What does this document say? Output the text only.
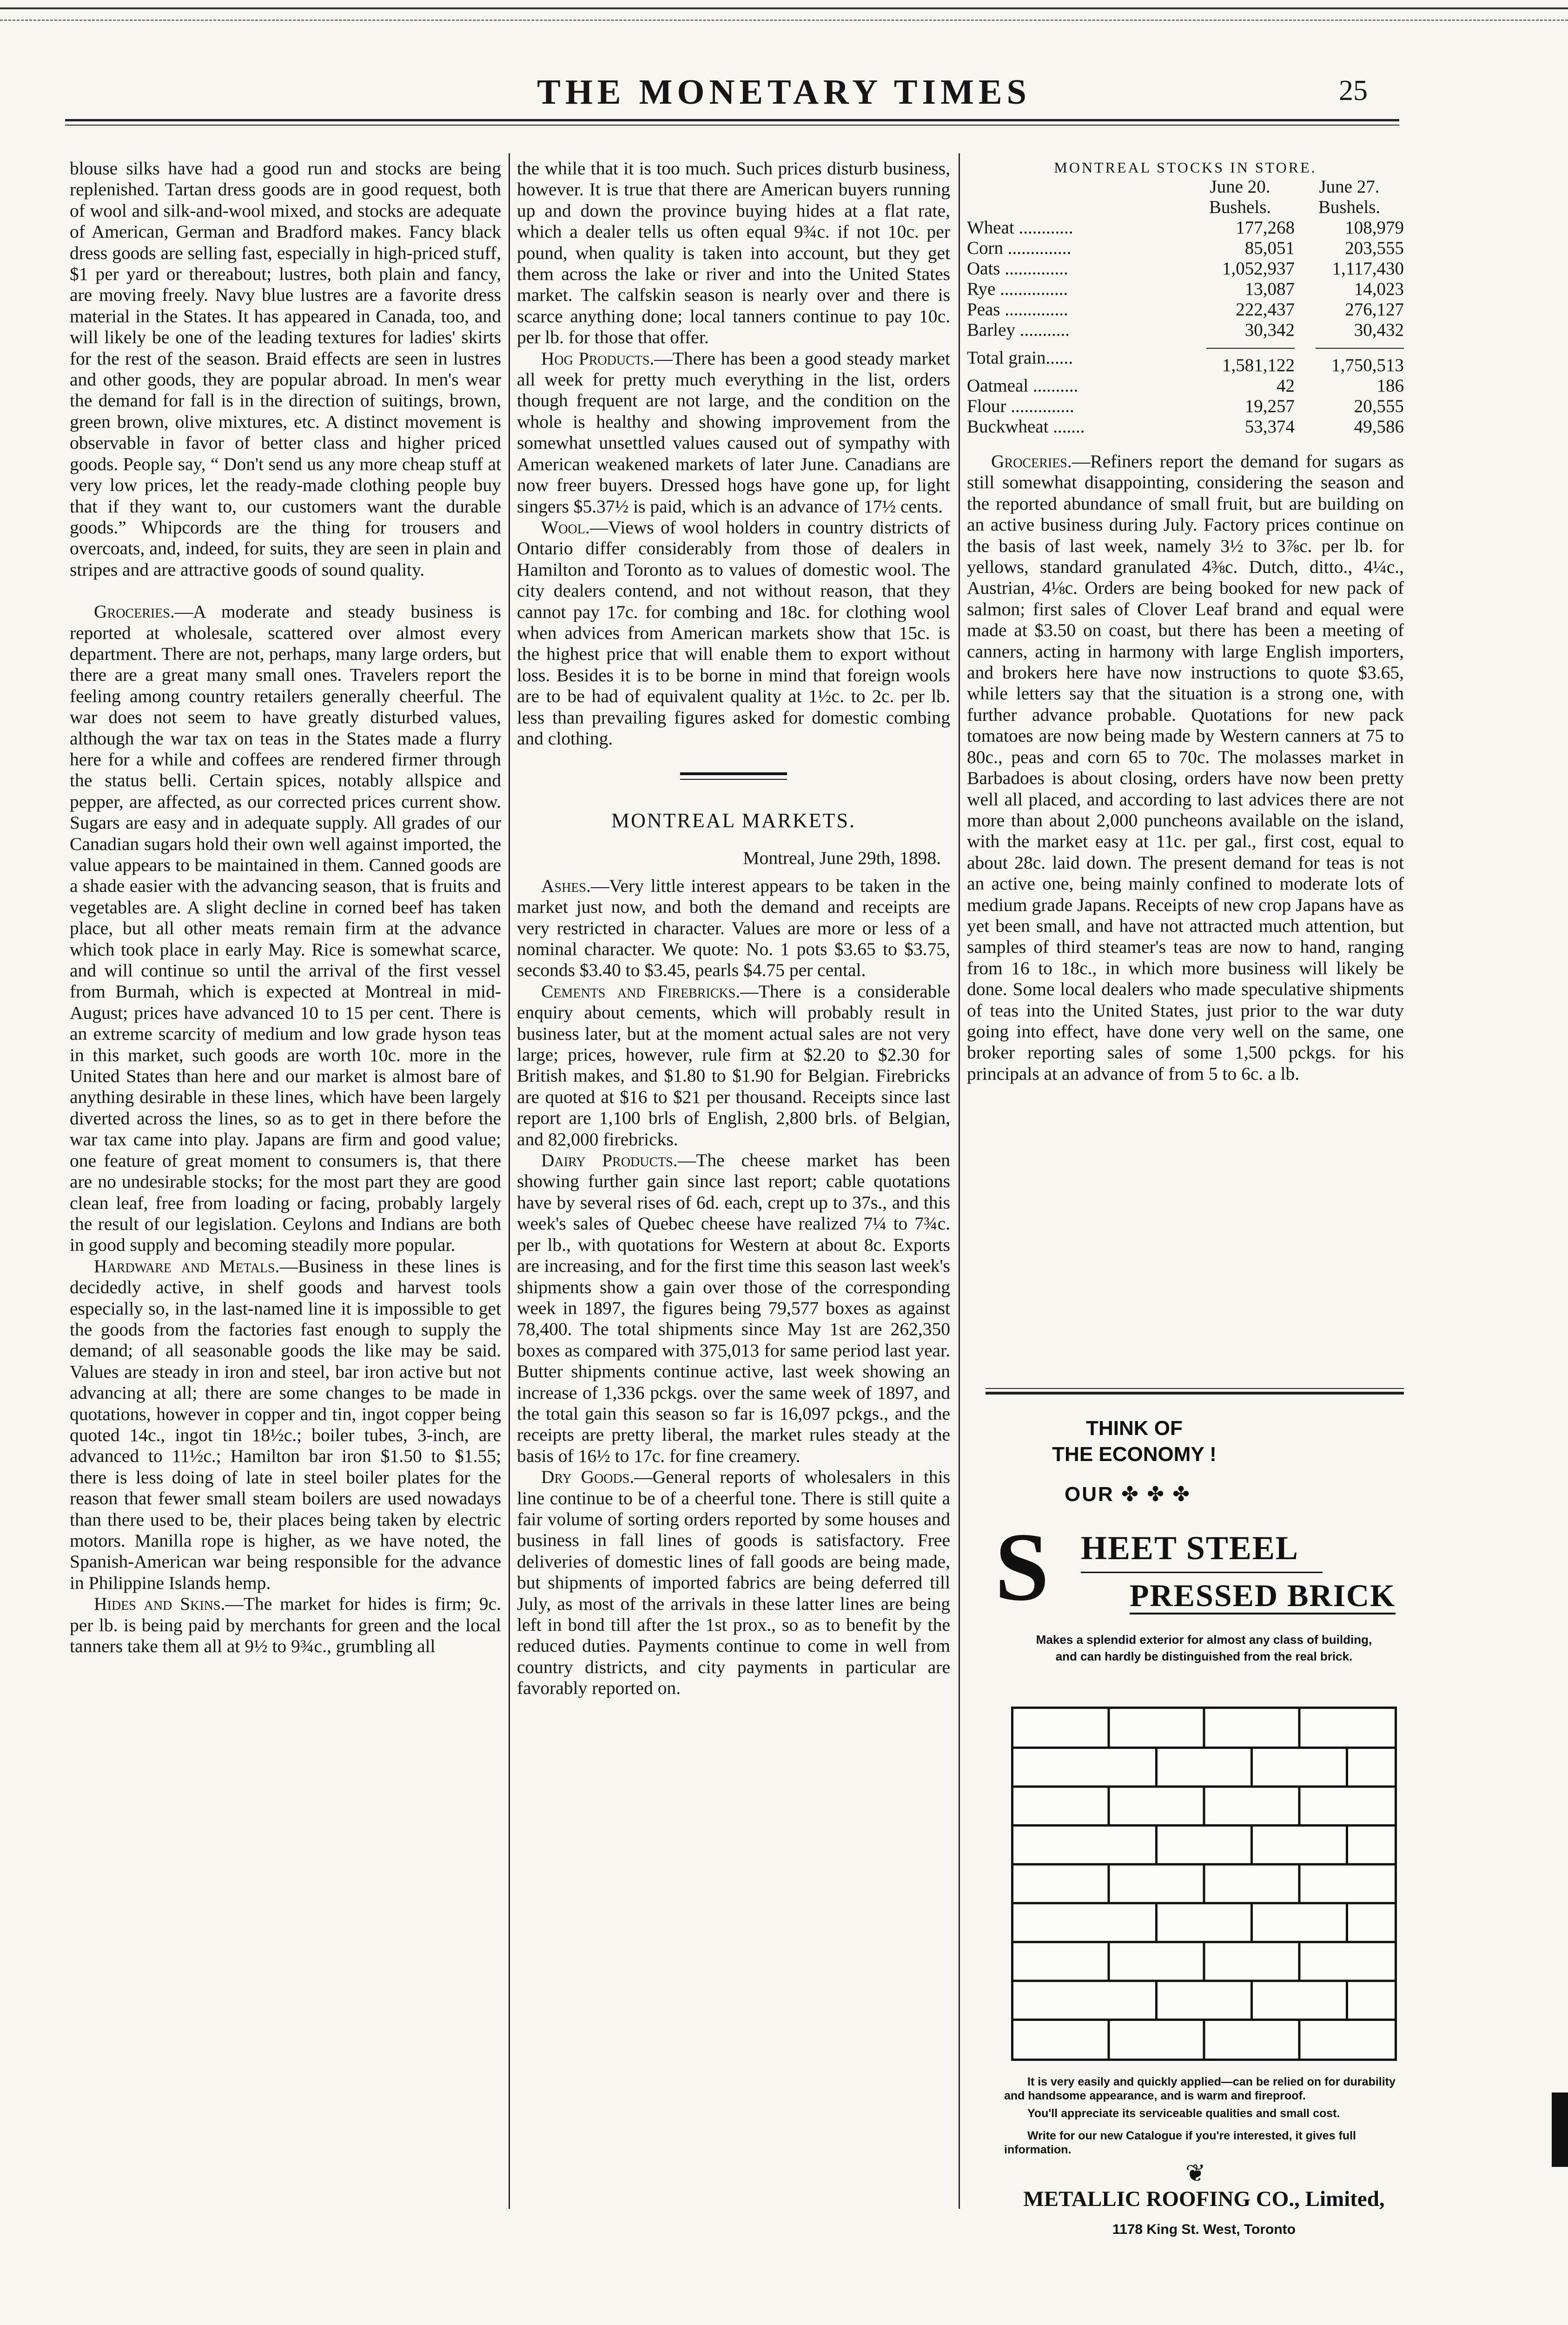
THE MONETARY TIMES	25

blouse silks have had a good run and stocks are being replenished. Tartan dress goods are in good request, both of wool and silk-and-wool mixed, and stocks are adequate of American, German and Bradford makes. Fancy black dress goods are selling fast, especially in high-priced stuff, $1 per yard or thereabout; lustres, both plain and fancy, are moving freely. Navy blue lustres are a favorite dress material in the States. It has appeared in Canada, too, and will likely be one of the leading textures for ladies' skirts for the rest of the season. Braid effects are seen in lustres and other goods, they are popular abroad. In men's wear the demand for fall is in the direction of suitings, brown, green brown, olive mixtures, etc. A distinct movement is observable in favor of better class and higher priced goods. People say, “ Don't send us any more cheap stuff at very low prices, let the ready-made clothing people buy that if they want to, our customers want the durable goods.” Whipcords are the thing for trousers and overcoats, and, indeed, for suits, they are seen in plain and stripes and are attractive goods of sound quality.

Groceries.—A moderate and steady business is reported at wholesale, scattered over almost every department. There are not, perhaps, many large orders, but there are a great many small ones. Travelers report the feeling among country retailers generally cheerful. The war does not seem to have greatly disturbed values, although the war tax on teas in the States made a flurry here for a while and coffees are rendered firmer through the status belli. Certain spices, notably allspice and pepper, are affected, as our corrected prices current show. Sugars are easy and in adequate supply. All grades of our Canadian sugars hold their own well against imported, the value appears to be maintained in them. Canned goods are a shade easier with the advancing season, that is fruits and vegetables are. A slight decline in corned beef has taken place, but all other meats remain firm at the advance which took place in early May. Rice is somewhat scarce, and will continue so until the arrival of the first vessel from Burmah, which is expected at Montreal in mid-August; prices have advanced 10 to 15 per cent. There is an extreme scarcity of medium and low grade hyson teas in this market, such goods are worth 10c. more in the United States than here and our market is almost bare of anything desirable in these lines, which have been largely diverted across the lines, so as to get in there before the war tax came into play. Japans are firm and good value; one feature of great moment to consumers is, that there are no undesirable stocks; for the most part they are good clean leaf, free from loading or facing, probably largely the result of our legislation. Ceylons and Indians are both in good supply and becoming steadily more popular.

Hardware and Metals.—Business in these lines is decidedly active, in shelf goods and harvest tools especially so, in the last-named line it is impossible to get the goods from the factories fast enough to supply the demand; of all seasonable goods the like may be said. Values are steady in iron and steel, bar iron active but not advancing at all; there are some changes to be made in quotations, however in copper and tin, ingot copper being quoted 14c., ingot tin 18½c.; boiler tubes, 3-inch, are advanced to 11½c.; Hamilton bar iron $1.50 to $1.55; there is less doing of late in steel boiler plates for the reason that fewer small steam boilers are used nowadays than there used to be, their places being taken by electric motors. Manilla rope is higher, as we have noted, the Spanish-American war being responsible for the advance in Philippine Islands hemp.

Hides and Skins.—The market for hides is firm; 9c. per lb. is being paid by merchants for green and the local tanners take them all at 9½ to 9¾c., grumbling all

the while that it is too much. Such prices disturb business, however. It is true that there are American buyers running up and down the province buying hides at a flat rate, which a dealer tells us often equal 9¾c. if not 10c. per pound, when quality is taken into account, but they get them across the lake or river and into the United States market. The calfskin season is nearly over and there is scarce anything done; local tanners continue to pay 10c. per lb. for those that offer.

Hog Products.—There has been a good steady market all week for pretty much everything in the list, orders though frequent are not large, and the condition on the whole is healthy and showing improvement from the somewhat unsettled values caused out of sympathy with American weakened markets of later June. Canadians are now freer buyers. Dressed hogs have gone up, for light singers $5.37½ is paid, which is an advance of 17½ cents.

Wool.—Views of wool holders in country districts of Ontario differ considerably from those of dealers in Hamilton and Toronto as to values of domestic wool. The city dealers contend, and not without reason, that they cannot pay 17c. for combing and 18c. for clothing wool when advices from American markets show that 15c. is the highest price that will enable them to export without loss. Besides it is to be borne in mind that foreign wools are to be had of equivalent quality at 1½c. to 2c. per lb. less than prevailing figures asked for domestic combing and clothing.

MONTREAL MARKETS.
Montreal, June 29th, 1898.

Ashes.—Very little interest appears to be taken in the market just now, and both the demand and receipts are very restricted in character. Values are more or less of a nominal character. We quote: No. 1 pots $3.65 to $3.75, seconds $3.40 to $3.45, pearls $4.75 per cental.

Cements and Firebricks.—There is a considerable enquiry about cements, which will probably result in business later, but at the moment actual sales are not very large; prices, however, rule firm at $2.20 to $2.30 for British makes, and $1.80 to $1.90 for Belgian. Firebricks are quoted at $16 to $21 per thousand. Receipts since last report are 1,100 brls of English, 2,800 brls. of Belgian, and 82,000 firebricks.

Dairy Products.—The cheese market has been showing further gain since last report; cable quotations have by several rises of 6d. each, crept up to 37s., and this week's sales of Quebec cheese have realized 7¼ to 7¾c. per lb., with quotations for Western at about 8c. Exports are increasing, and for the first time this season last week's shipments show a gain over those of the corresponding week in 1897, the figures being 79,577 boxes as against 78,400. The total shipments since May 1st are 262,350 boxes as compared with 375,013 for same period last year. Butter shipments continue active, last week showing an increase of 1,336 pckgs. over the same week of 1897, and the total gain this season so far is 16,097 pckgs., and the receipts are pretty liberal, the market rules steady at the basis of 16½ to 17c. for fine creamery.

Dry Goods.—General reports of wholesalers in this line continue to be of a cheerful tone. There is still quite a fair volume of sorting orders reported by some houses and business in fall lines of goods is satisfactory. Free deliveries of domestic lines of fall goods are being made, but shipments of imported fabrics are being deferred till July, as most of the arrivals in these latter lines are being left in bond till after the 1st prox., so as to benefit by the reduced duties. Payments continue to come in well from country districts, and city payments in particular are favorably reported on.

MONTREAL STOCKS IN STORE.
	June 20.	June 27.
	Bushels.	Bushels.
Wheat ............	177,268	108,979
Corn ..............	85,051	203,555
Oats ..............	1,052,937	1,117,430
Rye ...............	13,087	14,023
Peas ..............	222,437	276,127
Barley ...........	30,342	30,432
Total grain......	1,581,122	1,750,513
Oatmeal ..........	42	186
Flour ..............	19,257	20,555
Buckwheat .......	53,374	49,586

Groceries.—Refiners report the demand for sugars as still somewhat disappointing, considering the season and the reported abundance of small fruit, but are building on an active business during July. Factory prices continue on the basis of last week, namely 3½ to 3⅞c. per lb. for yellows, standard granulated 4⅜c. Dutch, ditto., 4¼c., Austrian, 4⅛c. Orders are being booked for new pack of salmon; first sales of Clover Leaf brand and equal were made at $3.50 on coast, but there has been a meeting of canners, acting in harmony with large English importers, and brokers here have now instructions to quote $3.65, while letters say that the situation is a strong one, with further advance probable. Quotations for new pack tomatoes are now being made by Western canners at 75 to 80c., peas and corn 65 to 70c. The molasses market in Barbadoes is about closing, orders have now been pretty well all placed, and according to last advices there are not more than about 2,000 puncheons available on the island, with the market easy at 11c. per gal., first cost, equal to about 28c. laid down. The present demand for teas is not an active one, being mainly confined to moderate lots of medium grade Japans. Receipts of new crop Japans have as yet been small, and have not attracted much attention, but samples of third steamer's teas are now to hand, ranging from 16 to 18c., in which more business will likely be done. Some local dealers who made speculative shipments of teas into the United States, just prior to the war duty going into effect, have done very well on the same, one broker reporting sales of some 1,500 pckgs. for his principals at an advance of from 5 to 6c. a lb.

THINK OF
THE ECONOMY !
OUR ✤ ✤ ✤
S HEET STEEL
PRESSED BRICK
Makes a splendid exterior for almost any class of building, and can hardly be distinguished from the real brick.
It is very easily and quickly applied—can be relied on for durability and handsome appearance, and is warm and fireproof.
You'll appreciate its serviceable qualities and small cost.
Write for our new Catalogue if you're interested, it gives full information.
❦
METALLIC ROOFING CO., Limited,
1178 King St. West, Toronto
